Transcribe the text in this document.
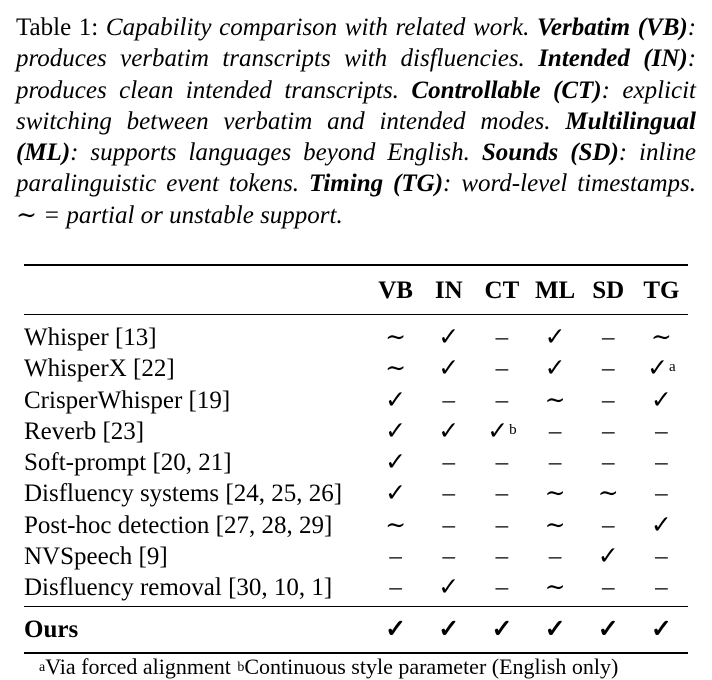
Table 1: Capability comparison with related work. Verbatim (VB): produces verbatim transcripts with disfluencies. Intended (IN): produces clean intended transcripts. Controllable (CT): explicit switching between verbatim and intended modes. Multilingual (ML): supports languages beyond English. Sounds (SD): inline paralinguistic event tokens. Timing (TG): word-level timestamps. ∼ = partial or unstable support.
	VB	IN	CT	ML	SD	TG
Whisper [13]	∼	✓	–	✓	–	∼
WhisperX [22]	∼	✓	–	✓	–	✓$^a$
CrisperWhisper [19]	✓	–	–	∼	–	✓
Reverb [23]	✓	✓	✓$^b$	–	–	–
Soft-prompt [20, 21]	✓	–	–	–	–	–
Disfluency systems [24, 25, 26]	✓	–	–	∼	∼	–
Post-hoc detection [27, 28, 29]	∼	–	–	∼	–	✓
NVSpeech [9]	–	–	–	–	✓	–
Disfluency removal [30, 10, 1]	–	✓	–	∼	–	–
Ours	✓	✓	✓	✓	✓	✓
$^a$Via forced alignment $^b$Continuous style parameter (English only)
